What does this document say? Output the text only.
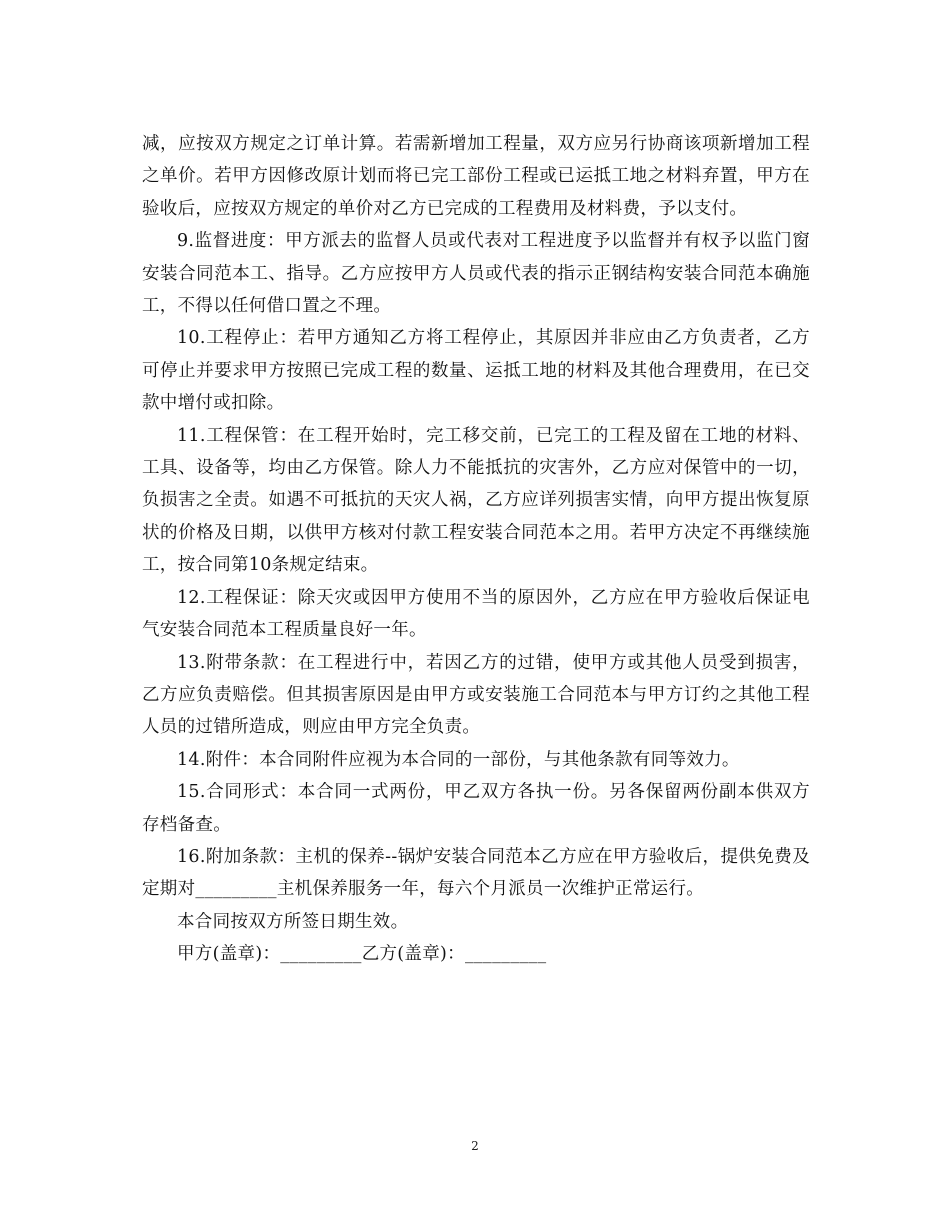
减，应按双方规定之订单计算。若需新增加工程量，双方应另行协商该项新增加工程之单价。若甲方因修改原计划而将已完工部份工程或已运抵工地之材料弃置，甲方在验收后，应按双方规定的单价对乙方已完成的工程费用及材料费，予以支付。

9.监督进度：甲方派去的监督人员或代表对工程进度予以监督并有权予以监门窗安装合同范本工、指导。乙方应按甲方人员或代表的指示正钢结构安装合同范本确施工，不得以任何借口置之不理。

10.工程停止：若甲方通知乙方将工程停止，其原因并非应由乙方负责者，乙方可停止并要求甲方按照已完成工程的数量、运抵工地的材料及其他合理费用，在已交款中增付或扣除。

11.工程保管：在工程开始时，完工移交前，已完工的工程及留在工地的材料、工具、设备等，均由乙方保管。除人力不能抵抗的灾害外，乙方应对保管中的一切，负损害之全责。如遇不可抵抗的天灾人祸，乙方应详列损害实情，向甲方提出恢复原状的价格及日期，以供甲方核对付款工程安装合同范本之用。若甲方决定不再继续施工，按合同第10条规定结束。

12.工程保证：除天灾或因甲方使用不当的原因外，乙方应在甲方验收后保证电气安装合同范本工程质量良好一年。

13.附带条款：在工程进行中，若因乙方的过错，使甲方或其他人员受到损害，乙方应负责赔偿。但其损害原因是由甲方或安装施工合同范本与甲方订约之其他工程人员的过错所造成，则应由甲方完全负责。

14.附件：本合同附件应视为本合同的一部份，与其他条款有同等效力。

15.合同形式：本合同一式两份，甲乙双方各执一份。另各保留两份副本供双方存档备查。

16.附加条款：主机的保养--锅炉安装合同范本乙方应在甲方验收后，提供免费及定期对_________主机保养服务一年，每六个月派员一次维护正常运行。

本合同按双方所签日期生效。

甲方(盖章)：_________乙方(盖章)：_________

2
